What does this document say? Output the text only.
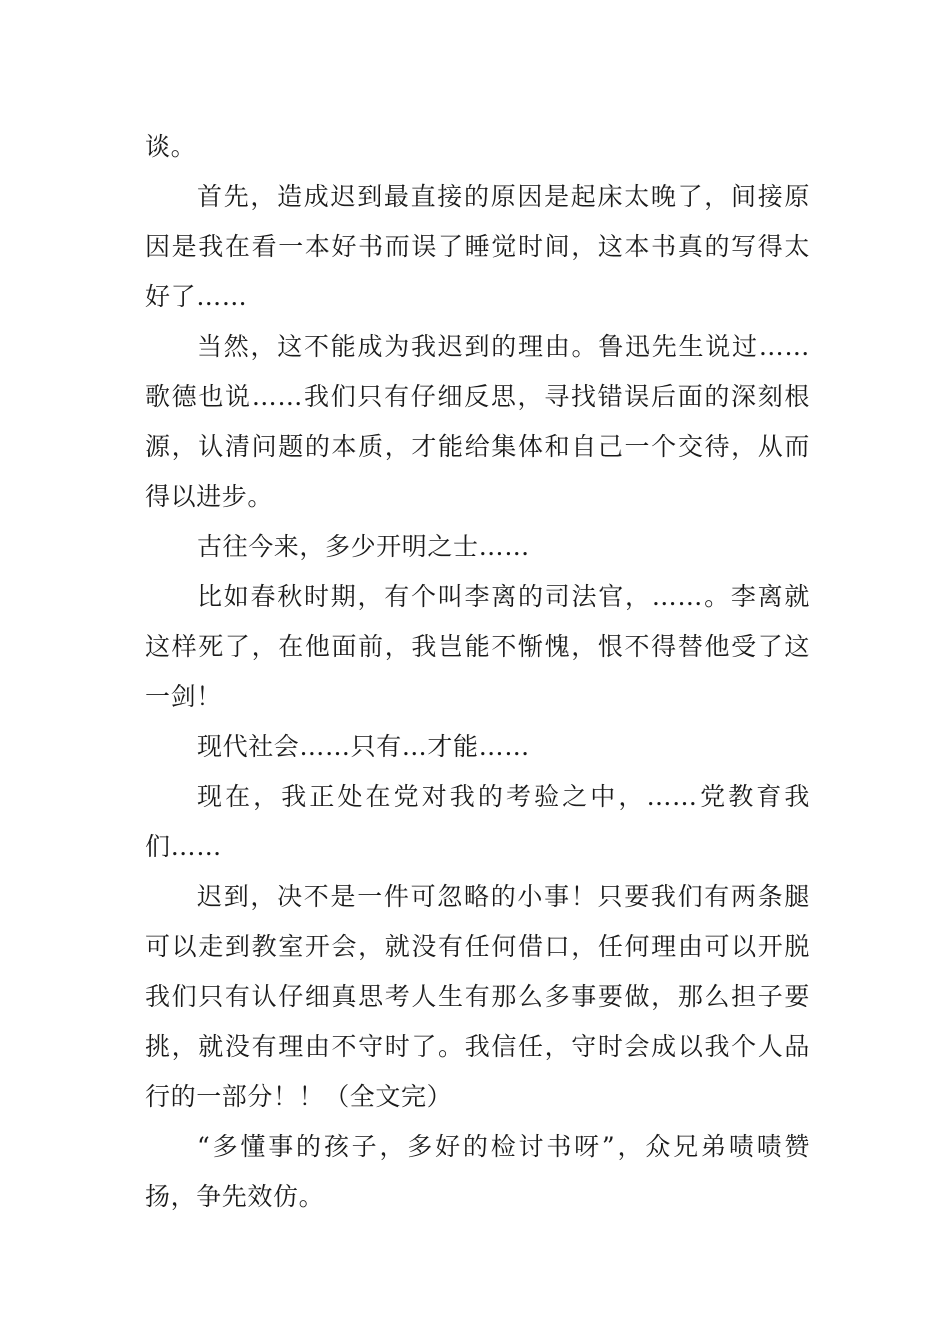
谈。

首先，造成迟到最直接的原因是起床太晚了，间接原因是我在看一本好书而误了睡觉时间，这本书真的写得太好了……

当然，这不能成为我迟到的理由。鲁迅先生说过……歌德也说……我们只有仔细反思，寻找错误后面的深刻根源，认清问题的本质，才能给集体和自己一个交待，从而得以进步。

古往今来，多少开明之士……

比如春秋时期，有个叫李离的司法官，……。李离就这样死了，在他面前，我岂能不惭愧，恨不得替他受了这一剑！

现代社会……只有…才能……

现在，我正处在党对我的考验之中，……党教育我们……

迟到，决不是一件可忽略的小事！只要我们有两条腿可以走到教室开会，就没有任何借口，任何理由可以开脱我们只有认仔细真思考人生有那么多事要做，那么担子要挑，就没有理由不守时了。我信任，守时会成以我个人品行的一部分！！（全文完）

“多懂事的孩子，多好的检讨书呀”，众兄弟啧啧赞扬，争先效仿。
